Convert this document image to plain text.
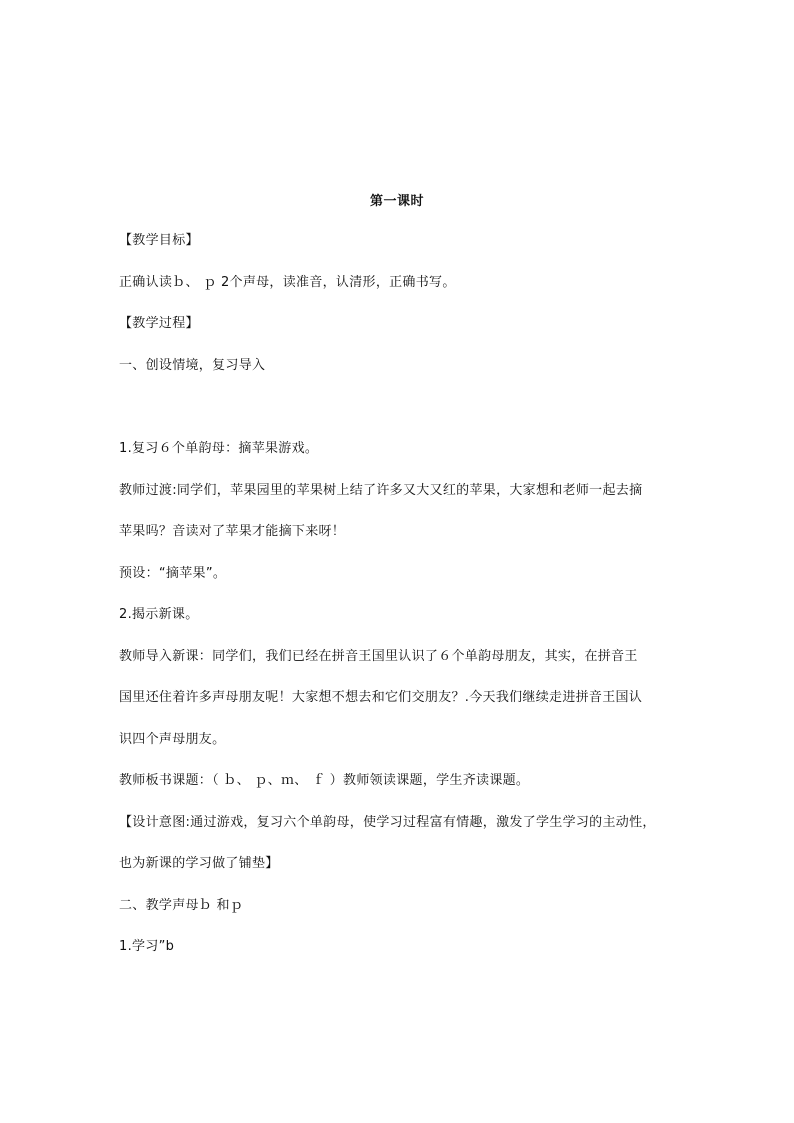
第一课时
【教学目标】
正确认读ｂ、 ｐ 2个声母，读准音，认清形，正确书写。
【教学过程】
一、创设情境，复习导入
1.复习６个单韵母：摘苹果游戏。
教师过渡:同学们，苹果园里的苹果树上结了许多又大又红的苹果，大家想和老师一起去摘
苹果吗？音读对了苹果才能摘下来呀！
预设：“摘苹果”。
2.揭示新课。
教师导入新课：同学们，我们已经在拼音王国里认识了６个单韵母朋友，其实，在拼音王
国里还住着许多声母朋友呢！大家想不想去和它们交朋友？.今天我们继续走进拼音王国认
识四个声母朋友。
教师板书课题：（ ｂ、 ｐ、ｍ、 ｆ ）教师领读课题，学生齐读课题。
【设计意图:通过游戏，复习六个单韵母，使学习过程富有情趣，激发了学生学习的主动性，
也为新课的学习做了铺垫】
二、教学声母ｂ 和ｐ
1.学习”b
